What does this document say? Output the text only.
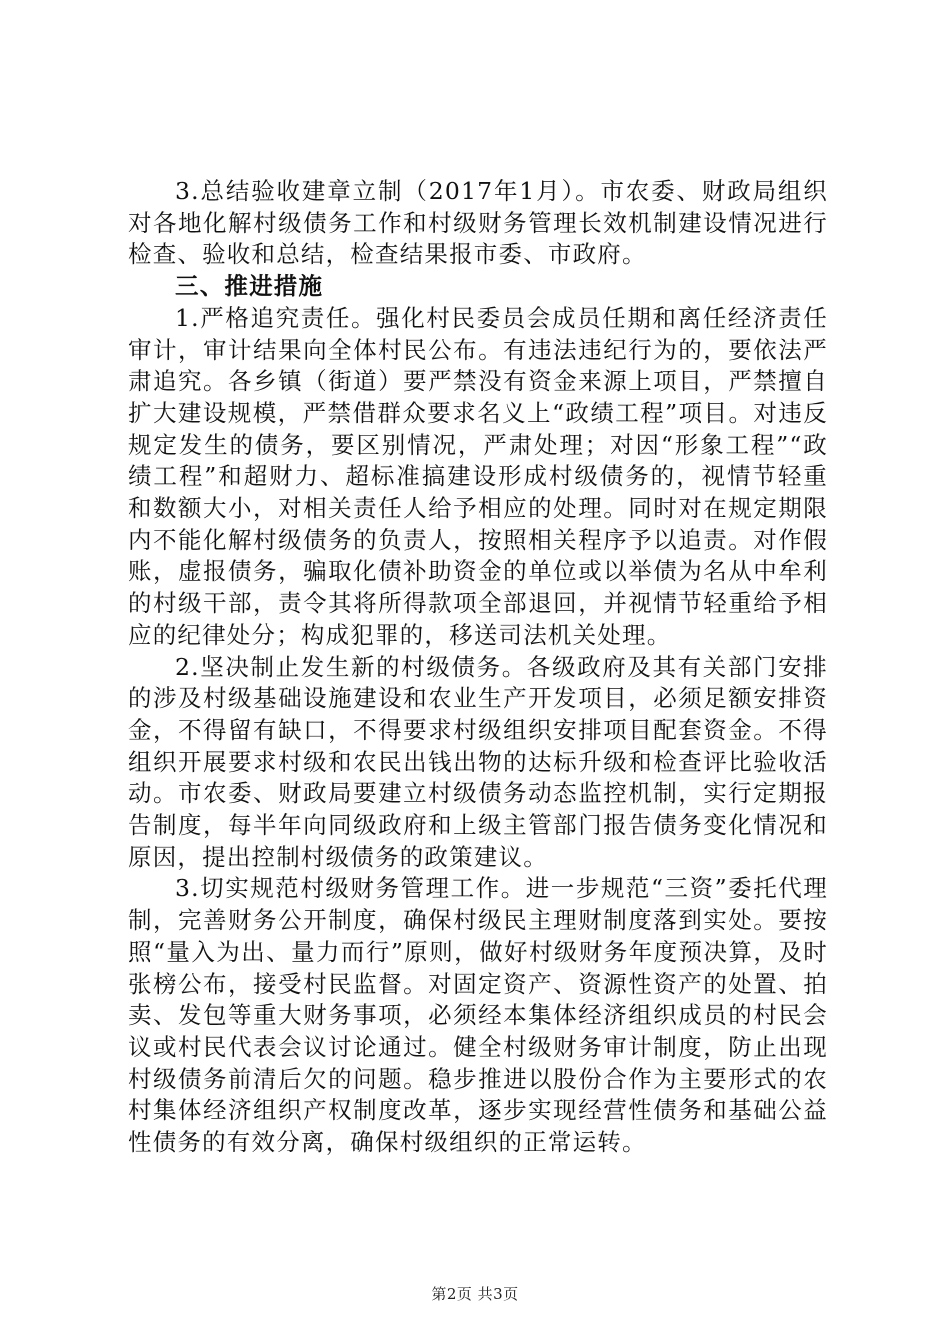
3.总结验收建章立制（2017年1月）。市农委、财政局组织对各地化解村级债务工作和村级财务管理长效机制建设情况进行检查、验收和总结，检查结果报市委、市政府。

三、推进措施

1.严格追究责任。强化村民委员会成员任期和离任经济责任审计，审计结果向全体村民公布。有违法违纪行为的，要依法严肃追究。各乡镇（街道）要严禁没有资金来源上项目，严禁擅自扩大建设规模，严禁借群众要求名义上“政绩工程”项目。对违反规定发生的债务，要区别情况，严肃处理；对因“形象工程”“政绩工程”和超财力、超标准搞建设形成村级债务的，视情节轻重和数额大小，对相关责任人给予相应的处理。同时对在规定期限内不能化解村级债务的负责人，按照相关程序予以追责。对作假账，虚报债务，骗取化债补助资金的单位或以举债为名从中牟利的村级干部，责令其将所得款项全部退回，并视情节轻重给予相应的纪律处分；构成犯罪的，移送司法机关处理。

2.坚决制止发生新的村级债务。各级政府及其有关部门安排的涉及村级基础设施建设和农业生产开发项目，必须足额安排资金，不得留有缺口，不得要求村级组织安排项目配套资金。不得组织开展要求村级和农民出钱出物的达标升级和检查评比验收活动。市农委、财政局要建立村级债务动态监控机制，实行定期报告制度，每半年向同级政府和上级主管部门报告债务变化情况和原因，提出控制村级债务的政策建议。

3.切实规范村级财务管理工作。进一步规范“三资”委托代理制，完善财务公开制度，确保村级民主理财制度落到实处。要按照“量入为出、量力而行”原则，做好村级财务年度预决算，及时张榜公布，接受村民监督。对固定资产、资源性资产的处置、拍卖、发包等重大财务事项，必须经本集体经济组织成员的村民会议或村民代表会议讨论通过。健全村级财务审计制度，防止出现村级债务前清后欠的问题。稳步推进以股份合作为主要形式的农村集体经济组织产权制度改革，逐步实现经营性债务和基础公益性债务的有效分离，确保村级组织的正常运转。

第2页 共3页
